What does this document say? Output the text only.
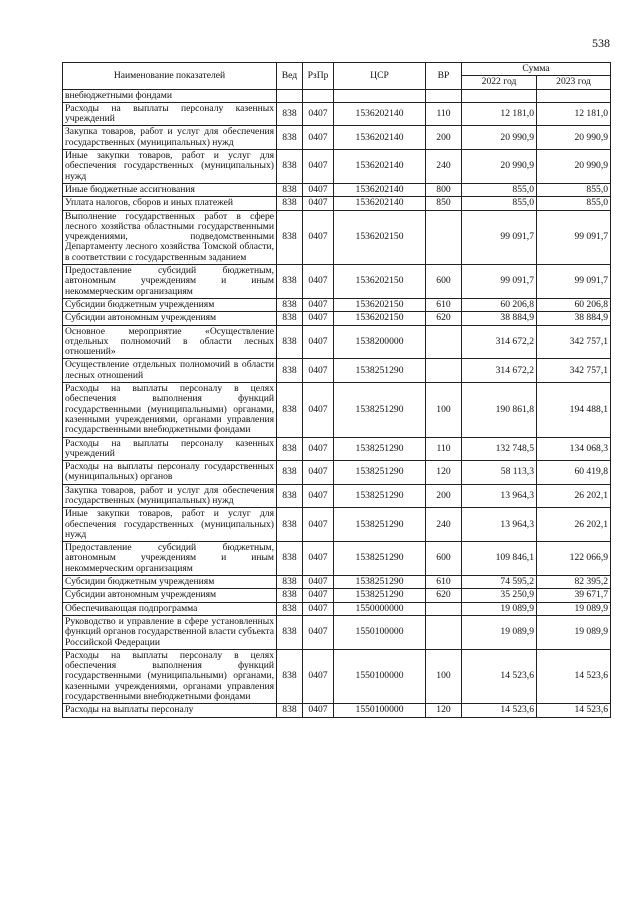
538
Наименование показателей	Вед	РзПр	ЦСР	ВР	Сумма	
					2022 год	2023 год
внебюджетными фондами						
Расходы на выплаты персоналу казенных учреждений	838	0407	1536202140	110	12 181,0	12 181,0
Закупка товаров, работ и услуг для обеспечения государственных (муниципальных) нужд	838	0407	1536202140	200	20 990,9	20 990,9
Иные закупки товаров, работ и услуг для обеспечения государственных (муниципальных) нужд	838	0407	1536202140	240	20 990,9	20 990,9
Иные бюджетные ассигнования	838	0407	1536202140	800	855,0	855,0
Уплата налогов, сборов и иных платежей	838	0407	1536202140	850	855,0	855,0
Выполнение государственных работ в сфере лесного хозяйства областными государственными учреждениями, подведомственными Департаменту лесного хозяйства Томской области, в соответствии с государственным заданием	838	0407	1536202150		99 091,7	99 091,7
Предоставление субсидий бюджетным, автономным учреждениям и иным некоммерческим организациям	838	0407	1536202150	600	99 091,7	99 091,7
Субсидии бюджетным учреждениям	838	0407	1536202150	610	60 206,8	60 206,8
Субсидии автономным учреждениям	838	0407	1536202150	620	38 884,9	38 884,9
Основное мероприятие «Осуществление отдельных полномочий в области лесных отношений»	838	0407	1538200000		314 672,2	342 757,1
Осуществление отдельных полномочий в области лесных отношений	838	0407	1538251290		314 672,2	342 757,1
Расходы на выплаты персоналу в целях обеспечения выполнения функций государственными (муниципальными) органами, казенными учреждениями, органами управления государственными внебюджетными фондами	838	0407	1538251290	100	190 861,8	194 488,1
Расходы на выплаты персоналу казенных учреждений	838	0407	1538251290	110	132 748,5	134 068,3
Расходы на выплаты персоналу государственных (муниципальных) органов	838	0407	1538251290	120	58 113,3	60 419,8
Закупка товаров, работ и услуг для обеспечения государственных (муниципальных) нужд	838	0407	1538251290	200	13 964,3	26 202,1
Иные закупки товаров, работ и услуг для обеспечения государственных (муниципальных) нужд	838	0407	1538251290	240	13 964,3	26 202,1
Предоставление субсидий бюджетным, автономным учреждениям и иным некоммерческим организациям	838	0407	1538251290	600	109 846,1	122 066,9
Субсидии бюджетным учреждениям	838	0407	1538251290	610	74 595,2	82 395,2
Субсидии автономным учреждениям	838	0407	1538251290	620	35 250,9	39 671,7
Обеспечивающая подпрограмма	838	0407	1550000000		19 089,9	19 089,9
Руководство и управление в сфере установленных функций органов государственной власти субъекта Российской Федерации	838	0407	1550100000		19 089,9	19 089,9
Расходы на выплаты персоналу в целях обеспечения выполнения функций государственными (муниципальными) органами, казенными учреждениями, органами управления государственными внебюджетными фондами	838	0407	1550100000	100	14 523,6	14 523,6
Расходы на выплаты персоналу	838	0407	1550100000	120	14 523,6	14 523,6
